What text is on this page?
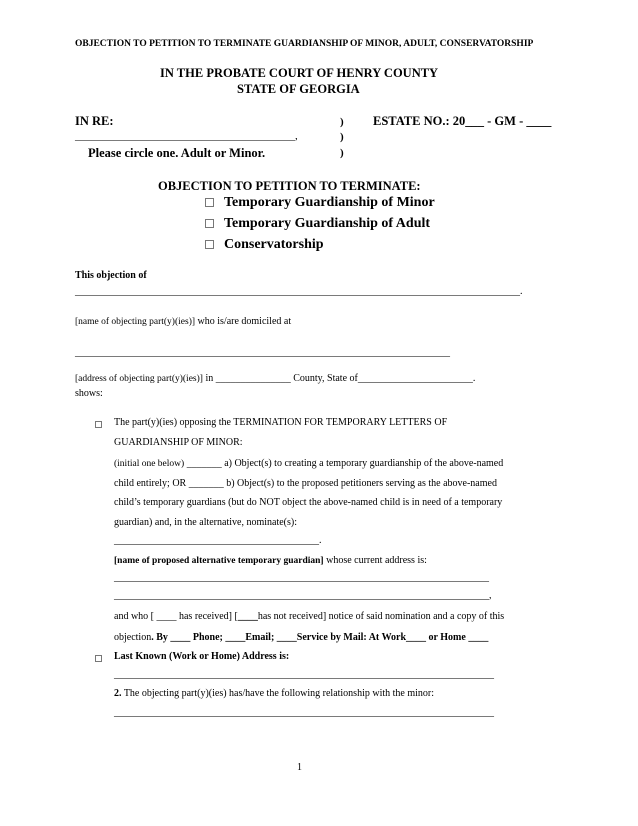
OBJECTION TO PETITION TO TERMINATE GUARDIANSHIP OF MINOR, ADULT, CONSERVATORSHIP
IN THE PROBATE COURT OF HENRY COUNTY
STATE OF GEORGIA
IN RE:
________________________________________,
Please circle one. Adult or Minor.
)
)
)
ESTATE NO.: 20___ - GM - ____
OBJECTION TO PETITION TO TERMINATE:
Temporary Guardianship of Minor
Temporary Guardianship of Adult
Conservatorship
This objection of
_________________________________________________________________________________________.
[name of objecting part(y)(ies)] who is/are domiciled at
___________________________________________________________________________
[address of objecting part(y)(ies)] in _______________ County, State of_______________________.
shows:
The part(y)(ies) opposing the TERMINATION FOR TEMPORARY LETTERS OF
GUARDIANSHIP OF MINOR:
(initial one below) _______ a) Object(s) to creating a temporary guardianship of the above-named
child entirely; OR _______ b) Object(s) to the proposed petitioners serving as the above-named
child’s temporary guardians (but do NOT object the above-named child is in need of a temporary
guardian) and, in the alternative, nominate(s):
_________________________________________.
[name of proposed alternative temporary guardian] whose current address is:
___________________________________________________________________________
___________________________________________________________________________,
and who [ ____ has received] [____has not received] notice of said nomination and a copy of this
objection. By ____ Phone; ____Email; ____Service by Mail: At Work____ or Home ____
Last Known (Work or Home) Address is:
____________________________________________________________________________
2. The objecting part(y)(ies) has/have the following relationship with the minor:
____________________________________________________________________________
1
